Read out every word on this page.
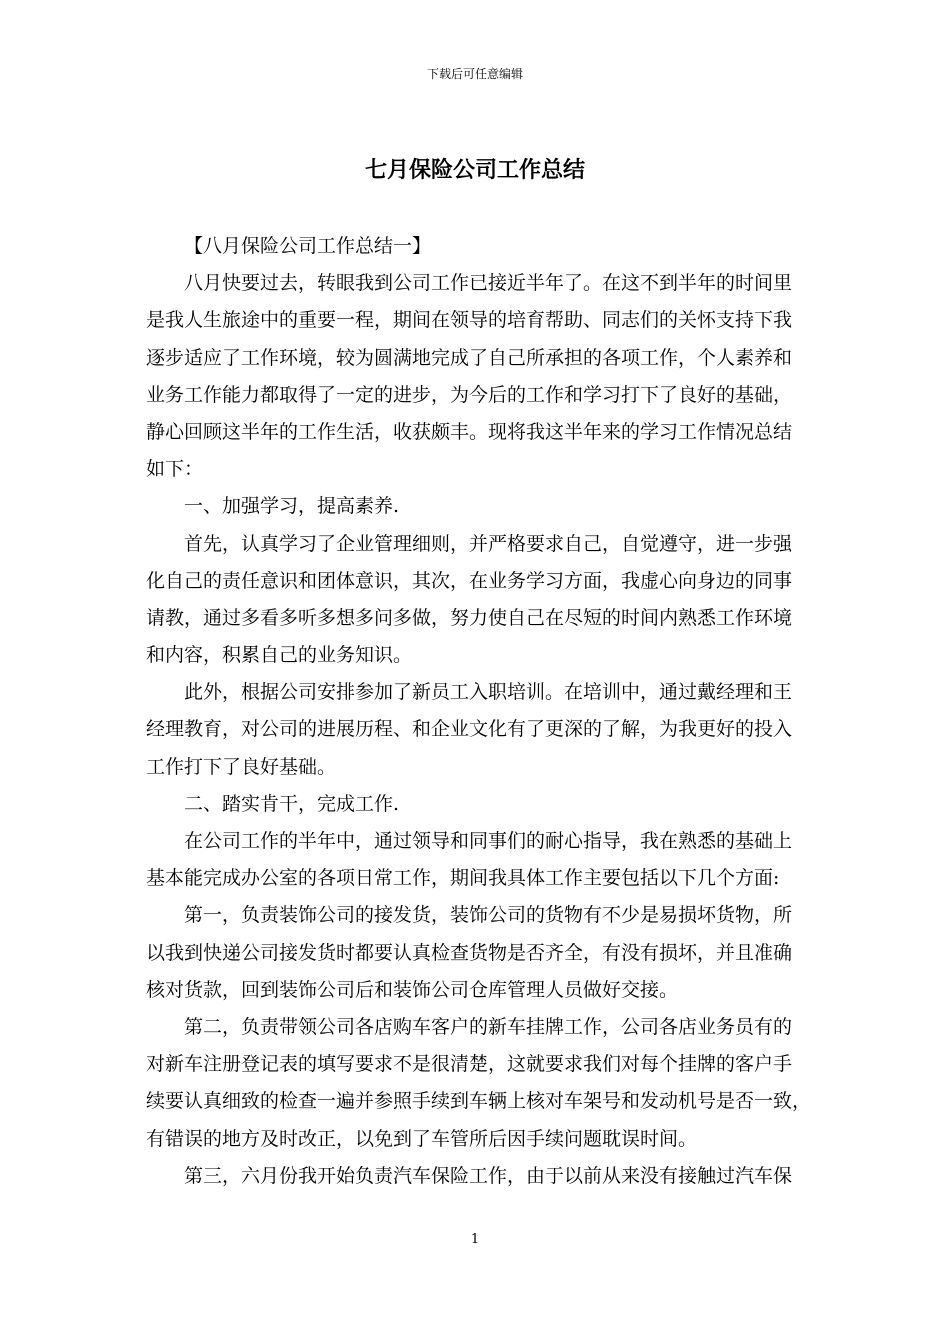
下载后可任意编辑
七月保险公司工作总结
【八月保险公司工作总结一】
八月快要过去，转眼我到公司工作已接近半年了。在这不到半年的时间里
是我人生旅途中的重要一程，期间在领导的培育帮助、同志们的关怀支持下我
逐步适应了工作环境，较为圆满地完成了自己所承担的各项工作，个人素养和
业务工作能力都取得了一定的进步，为今后的工作和学习打下了良好的基础，
静心回顾这半年的工作生活，收获颇丰。现将我这半年来的学习工作情况总结
如下：
一、加强学习，提高素养.
首先，认真学习了企业管理细则，并严格要求自己，自觉遵守，进一步强
化自己的责任意识和团体意识，其次，在业务学习方面，我虚心向身边的同事
请教，通过多看多听多想多问多做，努力使自己在尽短的时间内熟悉工作环境
和内容，积累自己的业务知识。
此外，根据公司安排参加了新员工入职培训。在培训中，通过戴经理和王
经理教育，对公司的进展历程、和企业文化有了更深的了解，为我更好的投入
工作打下了良好基础。
二、踏实肯干，完成工作.
在公司工作的半年中，通过领导和同事们的耐心指导，我在熟悉的基础上
基本能完成办公室的各项日常工作，期间我具体工作主要包括以下几个方面:
第一，负责装饰公司的接发货，装饰公司的货物有不少是易损坏货物，所
以我到快递公司接发货时都要认真检查货物是否齐全，有没有损坏，并且准确
核对货款，回到装饰公司后和装饰公司仓库管理人员做好交接。
第二，负责带领公司各店购车客户的新车挂牌工作，公司各店业务员有的
对新车注册登记表的填写要求不是很清楚，这就要求我们对每个挂牌的客户手
续要认真细致的检查一遍并参照手续到车辆上核对车架号和发动机号是否一致，
有错误的地方及时改正，以免到了车管所后因手续问题耽误时间。
第三，六月份我开始负责汽车保险工作，由于以前从来没有接触过汽车保
1
